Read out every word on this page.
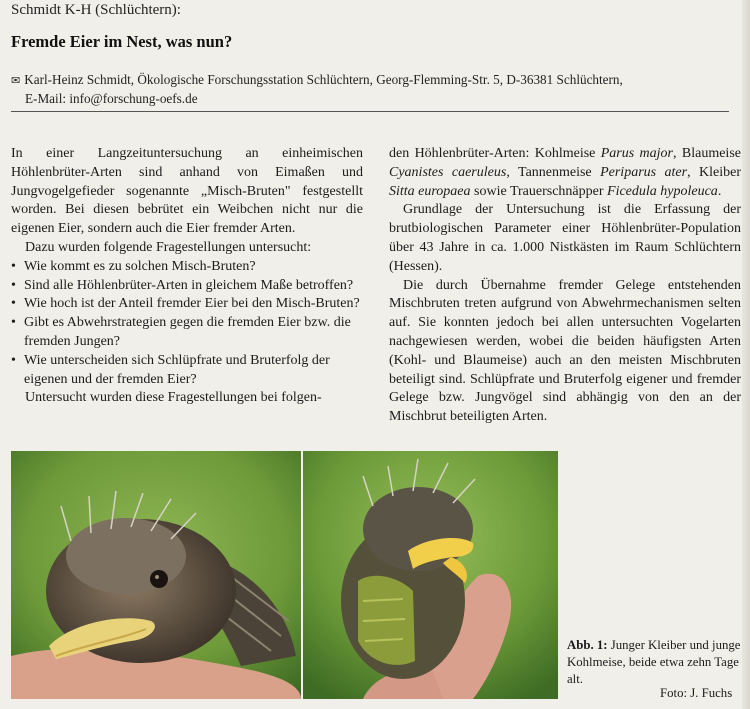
Schmidt K-H (Schlüchtern):
Fremde Eier im Nest, was nun?
✉ Karl-Heinz Schmidt, Ökologische Forschungsstation Schlüchtern, Georg-Flemming-Str. 5, D-36381 Schlüchtern,
E-Mail: info@forschung-oefs.de

In einer Langzeituntersuchung an einheimischen Höhlenbrüter-Arten sind anhand von Eimaßen und Jungvogelgefieder sogenannte „Misch-Bruten" festgestellt worden. Bei diesen bebrütet ein Weibchen nicht nur die eigenen Eier, sondern auch die Eier fremder Arten.

Dazu wurden folgende Fragestellungen untersucht:

• Wie kommt es zu solchen Misch-Bruten?
• Sind alle Höhlenbrüter-Arten in gleichem Maße betroffen?
• Wie hoch ist der Anteil fremder Eier bei den Misch-Bruten?
• Gibt es Abwehrstrategien gegen die fremden Eier bzw. die fremden Jungen?
• Wie unterscheiden sich Schlüpfrate und Bruterfolg der eigenen und der fremden Eier?

Untersucht wurden diese Fragestellungen bei folgen-

den Höhlenbrüter-Arten: Kohlmeise Parus major, Blaumeise Cyanistes caeruleus, Tannenmeise Periparus ater, Kleiber Sitta europaea sowie Trauerschnäpper Ficedula hypoleuca.

Grundlage der Untersuchung ist die Erfassung der brutbiologischen Parameter einer Höhlenbrüter-Population über 43 Jahre in ca. 1.000 Nistkästen im Raum Schlüchtern (Hessen).

Die durch Übernahme fremder Gelege entstehenden Mischbruten treten aufgrund von Abwehrmechanismen selten auf. Sie konnten jedoch bei allen untersuchten Vogelarten nachgewiesen werden, wobei die beiden häufigsten Arten (Kohl- und Blaumeise) auch an den meisten Mischbruten beteiligt sind. Schlüpfrate und Bruterfolg eigener und fremder Gelege bzw. Jungvögel sind abhängig von den an der Mischbrut beteiligten Arten.

Abb. 1: Junger Kleiber und junge Kohlmeise, beide etwa zehn Tage alt.
Foto: J. Fuchs
